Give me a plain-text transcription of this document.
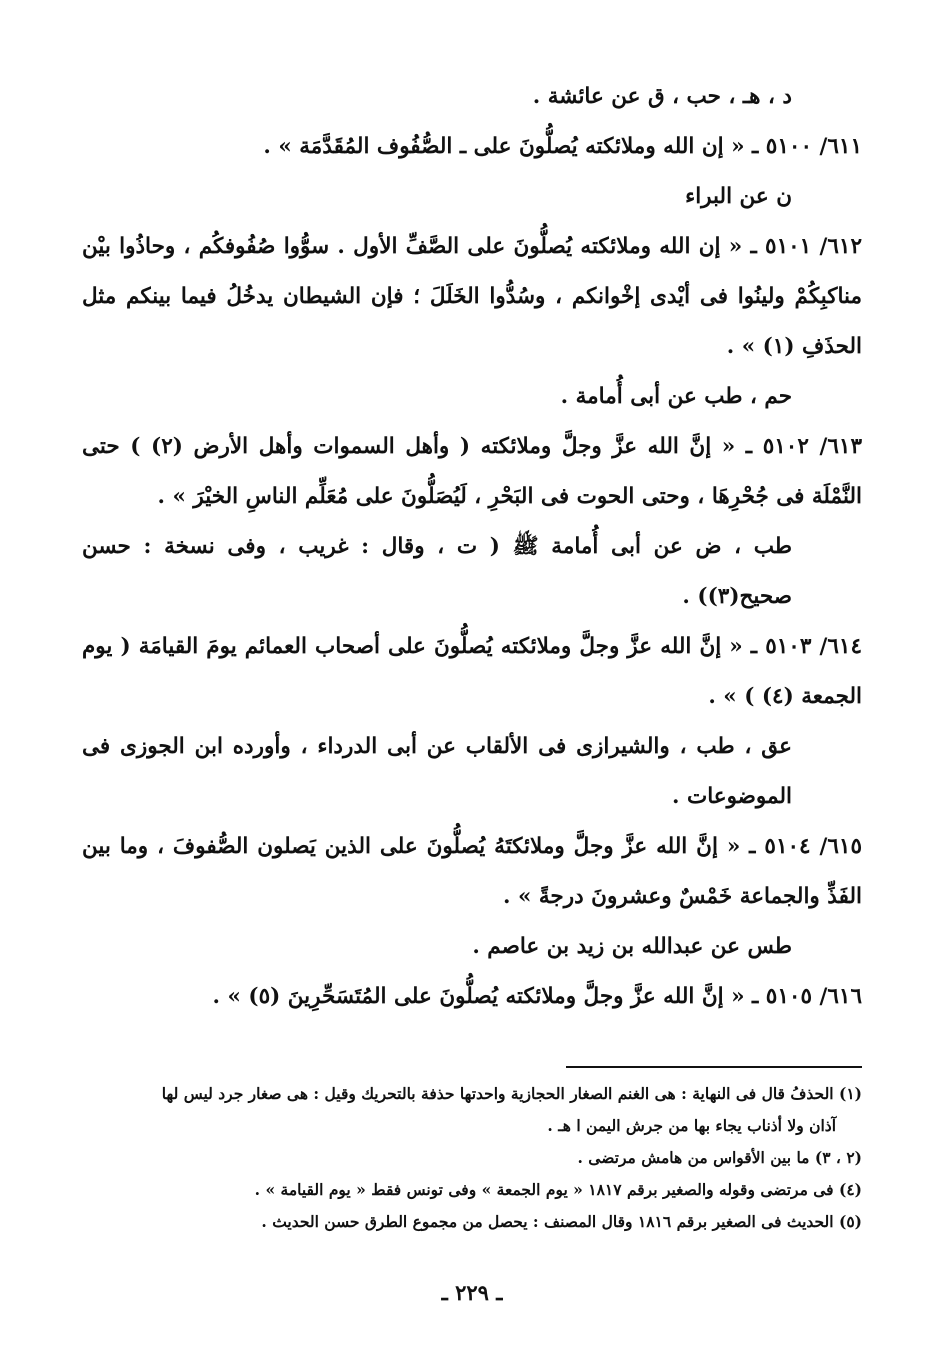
د ، هـ ، حب ، ق عن عائشة .

٦١١/ ٥١٠٠ ـ « إن الله وملائكته يُصلُّونَ على ـ الصُّفُوف المُقَدَّمَة » .

ن عن البراء

٦١٢/ ٥١٠١ ـ « إن الله وملائكته يُصلُّونَ على الصَّفِّ الأول . سوُّوا صُفُوفكُم ، وحاذُوا بيْن مناكبِكُمْ ولينُوا فى أيْدى إخْوانكم ، وسُدُّوا الخَلَلَ ؛ فإن الشيطان يدخُلُ فيما بينكم مثل الحذَفِ (١) » .

حم ، طب عن أبى أُمامة .

٦١٣/ ٥١٠٢ ـ « إنَّ الله عزَّ وجلَّ وملائكته ( وأهل السموات وأهل الأرض (٢) ) حتى النَّمْلَة فى جُحْرِهَا ، وحتى الحوت فى البَحْرِ ، لَيُصَلُّونَ على مُعَلِّم الناسِ الخيْرَ » .

طب ، ض عن أبى أُمامة ﷺ ( ت ، وقال : غريب ، وفى نسخة : حسن صحيح(٣)) .

٦١٤/ ٥١٠٣ ـ « إنَّ الله عزَّ وجلَّ وملائكته يُصلُّونَ على أصحاب العمائم يومَ القيامَة ( يوم الجمعة (٤) ) » .

عق ، طب ، والشيرازى فى الألقاب عن أبى الدرداء ، وأورده ابن الجوزى فى الموضوعات .

٦١٥/ ٥١٠٤ ـ « إنَّ الله عزَّ وجلَّ وملائكتَهُ يُصلُّونَ على الذين يَصلون الصُّفوفَ ، وما بين الفَذِّ والجماعة خَمْسٌ وعشرونَ درجةً » .

طس عن عبدالله بن زيد بن عاصم .

٦١٦/ ٥١٠٥ ـ « إنَّ الله عزَّ وجلَّ وملائكته يُصلُّونَ على المُتَسَحِّرِينَ (٥) » .

(١) الحذفُ قال فى النهاية : هى الغنم الصغار الحجازية واحدتها حذفة بالتحريك وقيل : هى صغار جرد ليس لها
آذان ولا أذناب يجاء بها من جرش اليمن ا هـ .

(٢ ، ٣) ما بين الأقواس من هامش مرتضى .

(٤) فى مرتضى وقوله والصغير برقم ١٨١٧ « يوم الجمعة » وفى تونس فقط « يوم القيامة » .

(٥) الحديث فى الصغير برقم ١٨١٦ وقال المصنف : يحصل من مجموع الطرق حسن الحديث .

ـ ٢٢٩ ـ
